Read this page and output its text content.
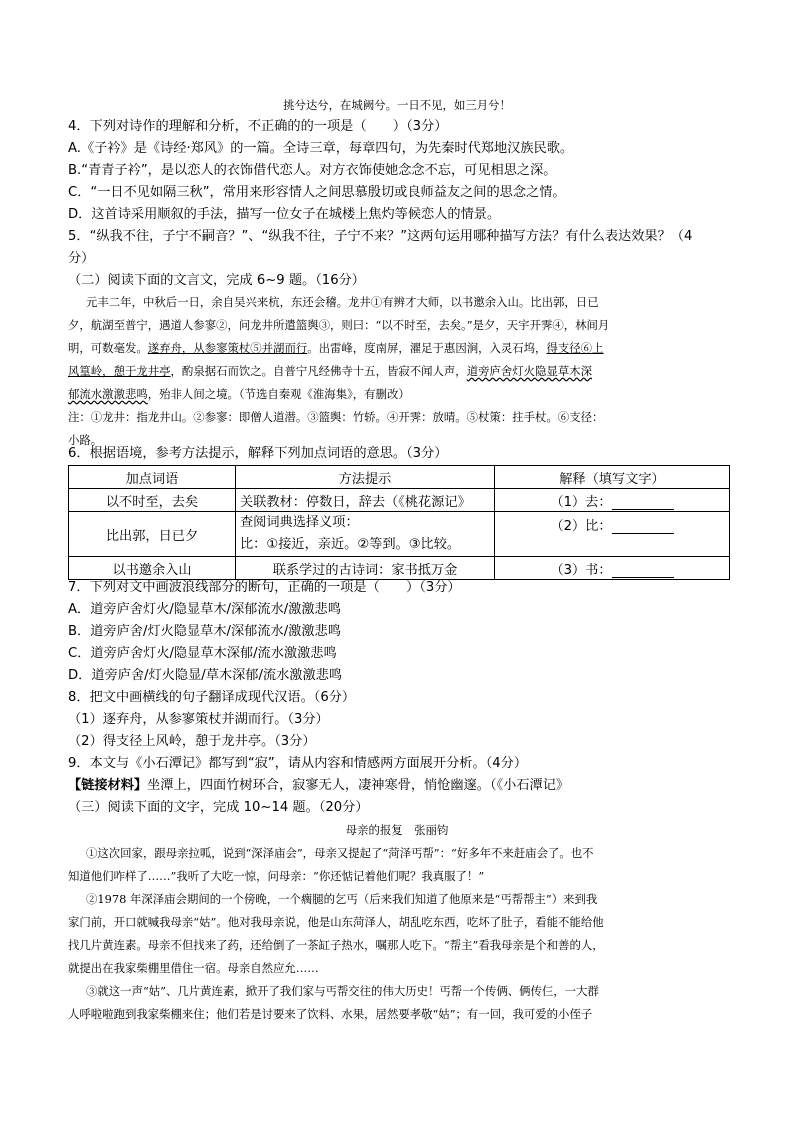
挑兮达兮，在城阙兮。一日不见，如三月兮！
4．下列对诗作的理解和分析，不正确的的一项是（　　）（3分）
A.《子衿》是《诗经·郑风》的一篇。全诗三章，每章四句，为先秦时代郑地汉族民歌。
B.“青青子衿”，是以恋人的衣饰借代恋人。对方衣饰使她念念不忘，可见相思之深。
C．“一日不见如隔三秋”，常用来形容情人之间思慕殷切或良师益友之间的思念之情。
D．这首诗采用顺叙的手法，描写一位女子在城楼上焦灼等候恋人的情景。
5．“纵我不往，子宁不嗣音？”、“纵我不往，子宁不来？”这两句运用哪种描写方法？有什么表达效果？（4
分）
（二）阅读下面的文言文，完成 6~9 题。（16分）
元丰二年，中秋后一日，余自吴兴来杭，东还会稽。龙井①有辨才大师，以书邀余入山。比出郭，日已
夕，航湖至普宁，遇道人参寥②，问龙井所遣篮舆③，则曰：“以不时至，去矣。”是夕，天宇开霁④，林间月
明，可数毫发。遂弃舟，从参寥策杖⑤并湖而行。出雷峰，度南屏，濯足于惠因涧，入灵石坞，得支径⑥上
风篁岭，憩于龙井亭，酌泉据石而饮之。自普宁凡经佛寺十五，皆寂不闻人声，道旁庐舍灯火隐显草木深
郁流水激激悲鸣，殆非人间之境。（节选自秦观《淮海集》，有删改）
注：①龙井：指龙井山。②参寥：即僧人道潜。③篮舆：竹轿。④开霁：放晴。⑤杖策：拄手杖。⑥支径：
小路。
6．根据语境，参考方法提示，解释下列加点词语的意思。（3分）
加点词语	方法提示	解释（填写文字）
以不时至，去矣	关联教材：停数日，辞去（《桃花源记》	（1）去：
比出郭，日已夕	查阅词典选择义项：
比：①接近，亲近。②等到。③比较。	（2）比：
以书邀余入山	联系学过的古诗词：家书抵万金	（3）书：
7．下列对文中画波浪线部分的断句，正确的一项是（　　）（3分）
A．道旁庐舍灯火/隐显草木/深郁流水/激激悲鸣
B．道旁庐舍/灯火隐显草木/深郁流水/激激悲鸣
C．道旁庐舍灯火/隐显草木深郁/流水激激悲鸣
D．道旁庐舍/灯火隐显/草木深郁/流水激激悲鸣
8．把文中画横线的句子翻译成现代汉语。（6分）
（1）逐弃舟，从参寥策杖并湖而行。（3分）
（2）得支径上风岭，憩于龙井亭。（3分）
9．本文与《小石潭记》都写到“寂”，请从内容和情感两方面展开分析。（4分）
【链接材料】坐潭上，四面竹树环合，寂寥无人，凄神寒骨，悄怆幽邃。（《小石潭记》
（三）阅读下面的文字，完成 10~14 题。（20分）
母亲的报复　张丽钧
①这次回家，跟母亲拉呱，说到“深泽庙会”，母亲又提起了“菏泽丐帮”：“好多年不来赶庙会了。也不
知道他们咋样了……”我听了大吃一惊，问母亲：“你还惦记着他们呢？我真服了！”
②1978 年深泽庙会期间的一个傍晚，一个瘸腿的乞丐（后来我们知道了他原来是“丐帮帮主”）来到我
家门前，开口就喊我母亲“姑”。他对我母亲说，他是山东菏泽人，胡乱吃东西，吃坏了肚子，看能不能给他
找几片黄连素。母亲不但找来了药，还给倒了一茶缸子热水，嘱那人吃下。“帮主”看我母亲是个和善的人，
就提出在我家柴棚里借住一宿。母亲自然应允……
③就这一声“姑”、几片黄连素，掀开了我们家与丐帮交往的伟大历史！丐帮一个传俩、俩传仨，一大群
人呼啦啦跑到我家柴棚来住；他们若是讨要来了饮料、水果，居然要孝敬“姑”；有一回，我可爱的小侄子
